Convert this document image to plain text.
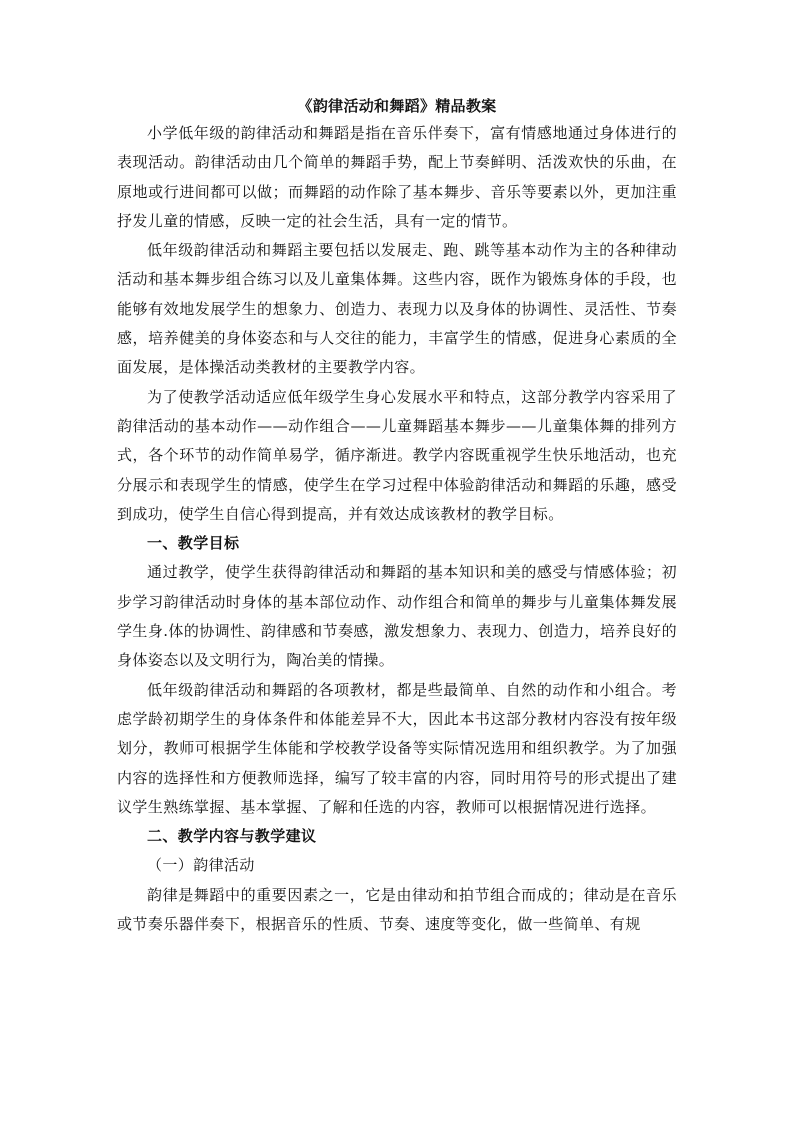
《韵律活动和舞蹈》精品教案

小学低年级的韵律活动和舞蹈是指在音乐伴奏下，富有情感地通过身体进行的表现活动。韵律活动由几个简单的舞蹈手势，配上节奏鲜明、活泼欢快的乐曲，在原地或行进间都可以做；而舞蹈的动作除了基本舞步、音乐等要素以外，更加注重抒发儿童的情感，反映一定的社会生活，具有一定的情节。

低年级韵律活动和舞蹈主要包括以发展走、跑、跳等基本动作为主的各种律动活动和基本舞步组合练习以及儿童集体舞。这些内容，既作为锻炼身体的手段，也能够有效地发展学生的想象力、创造力、表现力以及身体的协调性、灵活性、节奏感，培养健美的身体姿态和与人交往的能力，丰富学生的情感，促进身心素质的全面发展，是体操活动类教材的主要教学内容。

为了使教学活动适应低年级学生身心发展水平和特点，这部分教学内容采用了韵律活动的基本动作——动作组合——儿童舞蹈基本舞步——儿童集体舞的排列方式，各个环节的动作简单易学，循序渐进。教学内容既重视学生快乐地活动，也充分展示和表现学生的情感，使学生在学习过程中体验韵律活动和舞蹈的乐趣，感受到成功，使学生自信心得到提高，并有效达成该教材的教学目标。

一、教学目标

通过教学，使学生获得韵律活动和舞蹈的基本知识和美的感受与情感体验；初步学习韵律活动时身体的基本部位动作、动作组合和简单的舞步与儿童集体舞发展学生身.体的协调性、韵律感和节奏感，激发想象力、表现力、创造力，培养良好的身体姿态以及文明行为，陶冶美的情操。

低年级韵律活动和舞蹈的各项教材，都是些最简单、自然的动作和小组合。考虑学龄初期学生的身体条件和体能差异不大，因此本书这部分教材内容没有按年级划分，教师可根据学生体能和学校教学设备等实际情况选用和组织教学。为了加强内容的选择性和方便教师选择，编写了较丰富的内容，同时用符号的形式提出了建议学生熟练掌握、基本掌握、了解和任选的内容，教师可以根据情况进行选择。

二、教学内容与教学建议

（一）韵律活动

韵律是舞蹈中的重要因素之一，它是由律动和拍节组合而成的；律动是在音乐或节奏乐器伴奏下，根据音乐的性质、节奏、速度等变化，做一些简单、有规
